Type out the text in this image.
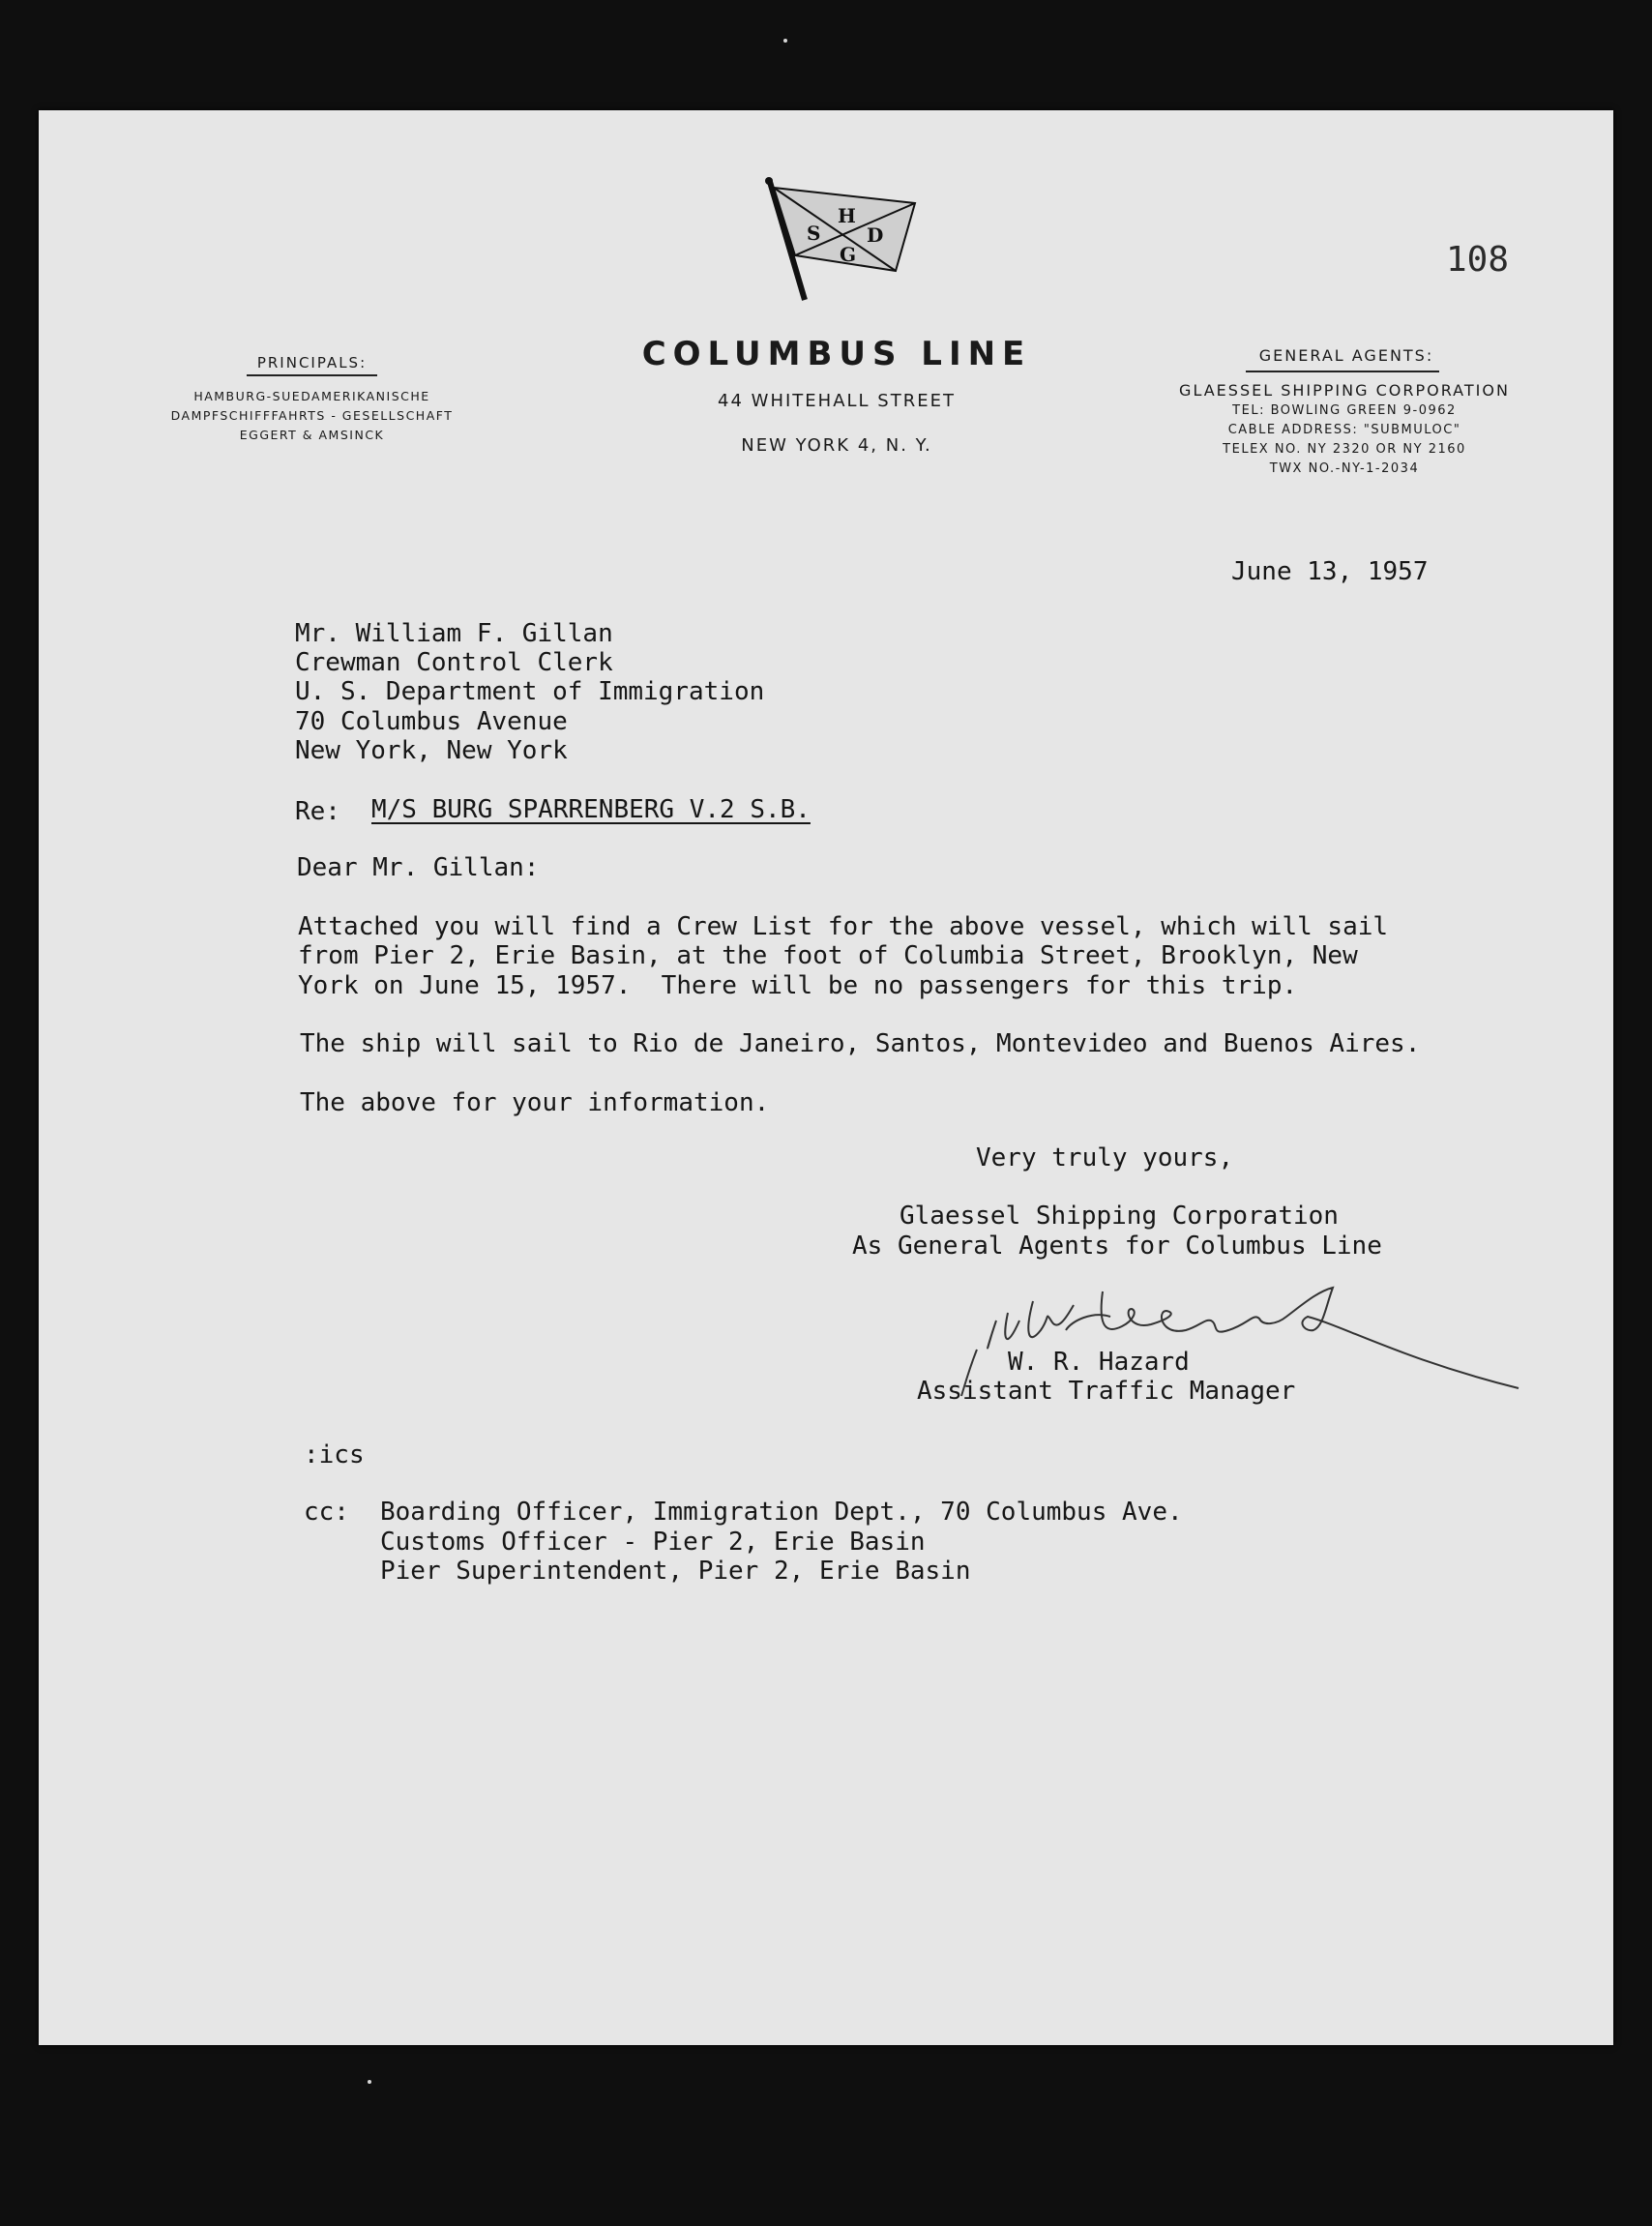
S
H
D
G	108
PRINCIPALS:
HAMBURG-SUEDAMERIKANISCHE
DAMPFSCHIFFFAHRTS - GESELLSCHAFT
EGGERT & AMSINCK
COLUMBUS LINE
44 WHITEHALL STREET
NEW YORK 4, N. Y.
GENERAL AGENTS:
GLAESSEL SHIPPING CORPORATION
TEL: BOWLING GREEN 9-0962
CABLE ADDRESS: "SUBMULOC"
TELEX NO. NY 2320 OR NY 2160
TWX NO.-NY-1-2034
June 13, 1957
Mr. William F. Gillan
Crewman Control Clerk
U. S. Department of Immigration
70 Columbus Avenue
New York, New York
Re: M/S BURG SPARRENBERG V.2 S.B.
Dear Mr. Gillan:
Attached you will find a Crew List for the above vessel, which will sail
from Pier 2, Erie Basin, at the foot of Columbia Street, Brooklyn, New
York on June 15, 1957.  There will be no passengers for this trip.
The ship will sail to Rio de Janeiro, Santos, Montevideo and Buenos Aires.
The above for your information.
Very truly yours,
Glaessel Shipping Corporation
As General Agents for Columbus Line
W. R. Hazard
Assistant Traffic Manager
:ics
cc: Boarding Officer, Immigration Dept., 70 Columbus Ave.
Customs Officer - Pier 2, Erie Basin
Pier Superintendent, Pier 2, Erie Basin
